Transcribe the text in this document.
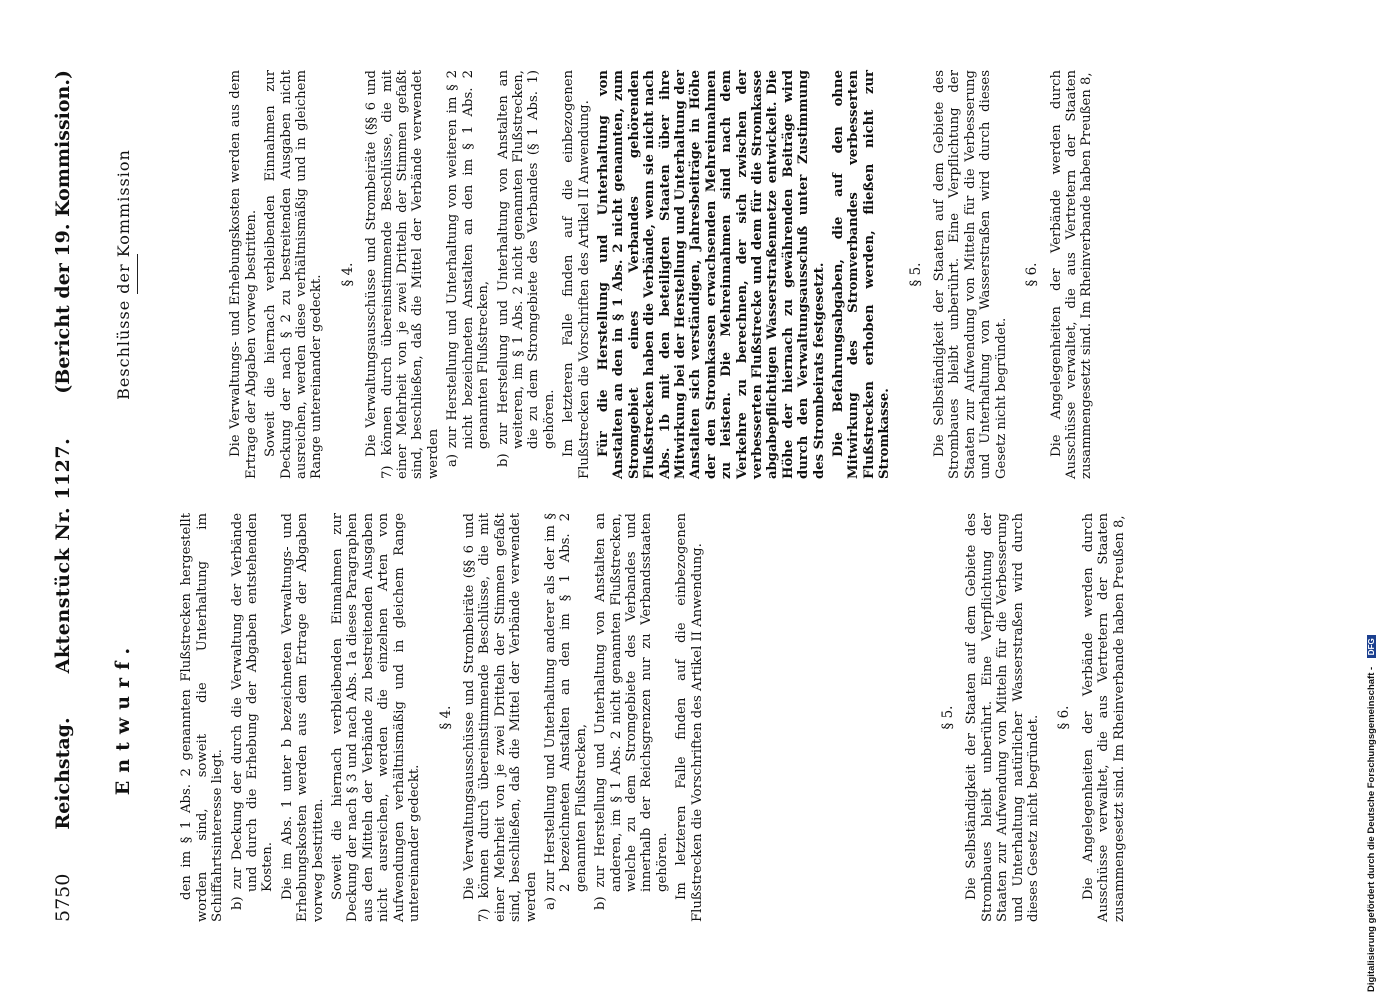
5750
Reichstag.
Aktenstück Nr. 1127.
(Bericht der 19. Kommission.)
Entwurf.	den im § 1 Abs. 2 genannten Flußstrecken hergestellt worden sind, soweit die Unterhaltung im Schiffahrtsinteresse liegt. b) zur Deckung der durch die Verwaltung der Verbände und durch die Erhebung der Abgaben entstehenden Kosten. Die im Abs. 1 unter b bezeichneten Verwaltungs- und Erhebungskosten werden aus dem Ertrage der Abgaben vorweg bestritten. Soweit die hiernach verbleibenden Einnahmen zur Deckung der nach § 3 und nach Abs. 1a dieses Paragraphen aus den Mitteln der Verbände zu bestreitenden Ausgaben nicht ausreichen, werden die einzelnen Arten von Aufwendungen verhältnismäßig und in gleichem Range untereinander gedeckt.

§ 4. Die Verwaltungsausschüsse und Strombeiräte (§§ 6 und 7) können durch übereinstimmende Beschlüsse, die mit einer Mehrheit von je zwei Dritteln der Stimmen gefaßt sind, beschließen, daß die Mittel der Verbände verwendet werden a) zur Herstellung und Unterhaltung anderer als der im § 2 bezeichneten Anstalten an den im § 1 Abs. 2 genannten Flußstrecken, b) zur Herstellung und Unterhaltung von Anstalten an anderen, im § 1 Abs. 2 nicht genannten Flußstrecken, welche zu dem Stromgebiete des Verbandes und innerhalb der Reichsgrenzen nur zu Verbandsstaaten gehören. Im letzteren Falle finden auf die einbezogenen Flußstrecken die Vorschriften des Artikel II Anwendung.	§ 5. Die Selbständigkeit der Staaten auf dem Gebiete des Strombaues bleibt unberührt. Eine Verpflichtung der Staaten zur Aufwendung von Mitteln für die Verbesserung und Unterhaltung natürlicher Wasserstraßen wird durch dieses Gesetz nicht begründet. § 6. Die Angelegenheiten der Verbände werden durch Ausschüsse verwaltet, die aus Vertretern der Staaten zusammengesetzt sind. Im Rheinverbande haben Preußen 8,

Beschlüsse der Kommission	Die Verwaltungs- und Erhebungskosten werden aus dem Ertrage der Abgaben vorweg bestritten. Soweit die hiernach verbleibenden Einnahmen zur Deckung der nach § 2 zu bestreitenden Ausgaben nicht ausreichen, werden diese verhältnismäßig und in gleichem Range untereinander gedeckt.

§ 4. Die Verwaltungsausschüsse und Strombeiräte (§§ 6 und 7) können durch übereinstimmende Beschlüsse, die mit einer Mehrheit von je zwei Dritteln der Stimmen gefaßt sind, beschließen, daß die Mittel der Verbände verwendet werden a) zur Herstellung und Unterhaltung von weiteren im § 2 nicht bezeichneten Anstalten an den im § 1 Abs. 2 genannten Flußstrecken, b) zur Herstellung und Unterhaltung von Anstalten an weiteren, im § 1 Abs. 2 nicht genannten Flußstrecken, die zu dem Stromgebiete des Verbandes (§ 1 Abs. 1) gehören. Im letzteren Falle finden auf die einbezogenen Flußstrecken die Vorschriften des Artikel II Anwendung. Für die Herstellung und Unterhaltung von Anstalten an den in § 1 Abs. 2 nicht genannten, zum Stromgebiet eines Verbandes gehörenden Flußstrecken haben die Verbände, wenn sie nicht nach Abs. 1b mit den beteiligten Staaten über ihre Mitwirkung bei der Herstellung und Unterhaltung der Anstalten sich verständigen, Jahresbeiträge in Höhe der den Stromkassen erwachsenden Mehreinnahmen zu leisten. Die Mehreinnahmen sind nach dem Verkehre zu berechnen, der sich zwischen der verbesserten Flußstrecke und dem für die Stromkasse abgabepflichtigen Wasserstraßennetze entwickelt. Die Höhe der hiernach zu gewährenden Beiträge wird durch den Verwaltungsausschuß unter Zustimmung des Strombeirats festgesetzt. Die Befahrungsabgaben, die auf den ohne Mitwirkung des Stromverbandes verbesserten Flußstrecken erhoben werden, fließen nicht zur Stromkasse.

§ 5. Die Selbständigkeit der Staaten auf dem Gebiete des Strombaues bleibt unberührt. Eine Verpflichtung der Staaten zur Aufwendung von Mitteln für die Verbesserung und Unterhaltung von Wasserstraßen wird durch dieses Gesetz nicht begründet.

§ 6. Die Angelegenheiten der Verbände werden durch Ausschüsse verwaltet, die aus Vertretern der Staaten zusammengesetzt sind. Im Rheinverbande haben Preußen 8,

Digitalisierung gefördert durch die Deutsche Forschungsgemeinschaft - DFG
